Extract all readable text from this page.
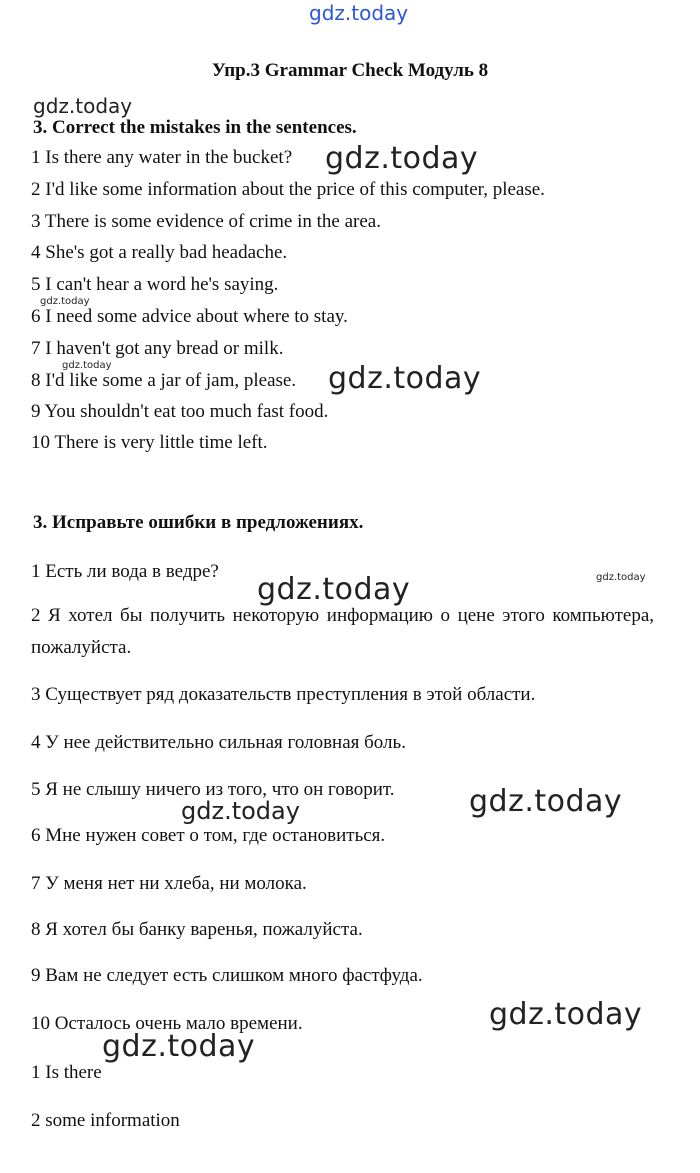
gdz.today
Упр.3 Grammar Check Модуль 8
gdz.today
3. Correct the mistakes in the sentences.
1 Is there any water in the bucket? gdz.today
2 I'd like some information about the price of this computer, please.
3 There is some evidence of crime in the area.
4 She's got a really bad headache.
5 I can't hear a word he's saying.
gdz.today
6 I need some advice about where to stay.
7 I haven't got any bread or milk.
gdz.today
8 I'd like some a jar of jam, please. gdz.today
9 You shouldn't eat too much fast food.
10 There is very little time left.
3. Исправьте ошибки в предложениях.
1 Есть ли вода в ведре?	gdz.today
gdz.today
2 Я хотел бы получить некоторую информацию о цене этого компьютера, пожалуйста.
3 Существует ряд доказательств преступления в этой области.
4 У нее действительно сильная головная боль.
5 Я не слышу ничего из того, что он говорит. gdz.today
gdz.today
6 Мне нужен совет о том, где остановиться.
7 У меня нет ни хлеба, ни молока.
8 Я хотел бы банку варенья, пожалуйста.
9 Вам не следует есть слишком много фастфуда.
gdz.today
10 Осталось очень мало времени.
gdz.today
1 Is there
2 some information
